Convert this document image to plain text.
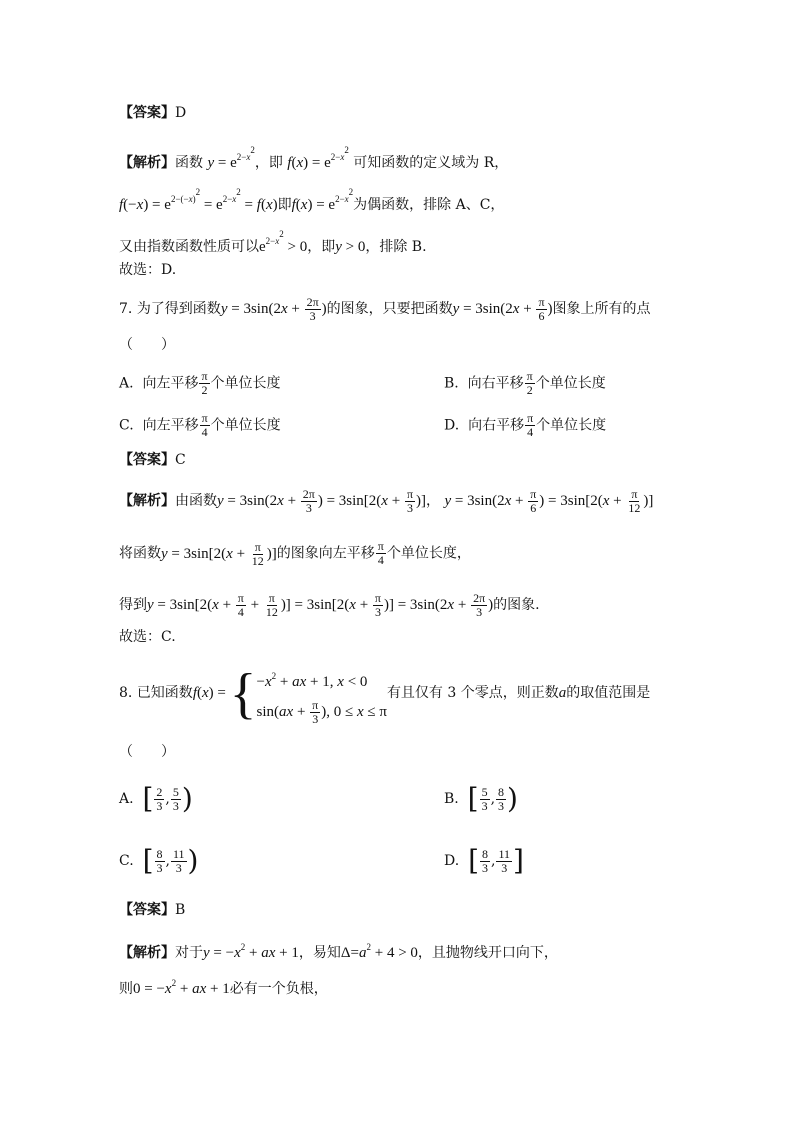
【答案】D
【解析】函数 $y = e^{2-x^2}$，即 $f(x) = e^{2-x^2}$ 可知函数的定义域为 R，
$f(-x) = e^{2-(-x)^2} = e^{2-x^2} = f(x)$即$f(x) = e^{2-x^2}$为偶函数，排除 A、C，
又由指数函数性质可以$e^{2-x^2} > 0$，即y > 0，排除 B.
故选：D.
7. 为了得到函数$y = 3\sin(2x + \frac{2\pi}{3}$ )的图象，只要把函数$y = 3\sin(2x + \frac{\pi}{6}$ )图象上所有的点
（　　）
A. 向左平移 $\frac{\pi}{2}$ 个单位长度	B. 向右平移 $\frac{\pi}{2}$ 个单位长度
C. 向左平移 $\frac{\pi}{4}$ 个单位长度	D. 向右平移 $\frac{\pi}{4}$ 个单位长度
【答案】C
【解析】由函数$y = 3\sin(2x + \frac{2\pi}{3}$ ) = $3\sin[2(x + \frac{\pi}{3}$ )]， $y = 3\sin(2x + \frac{\pi}{6}$ ) = $3\sin[2(x + \frac{\pi}{12}$ )]
将函数$y = 3\sin[2(x + \frac{\pi}{12}$ )]的图象向左平移 $\frac{\pi}{4}$ 个单位长度，
得到$y = 3\sin[2(x + \frac{\pi}{4} + \frac{\pi}{12}$ )] = $3\sin[2(x + \frac{\pi}{3}$ )] = $3\sin(2x + \frac{2\pi}{3}$ )的图象.
故选：C.
8. 已知函数$f(x) = \{-x^2$ + ax + 1, x < 0
$\sin(ax + \frac{\pi}{3}$ ), 0 ≤ x ≤ π有且仅有 3 个零点，则正数a的取值范围是
（　　）
A. [ $\frac{2}{3}$ , $\frac{5}{3}$ )	B. [ $\frac{5}{3}$ , $\frac{8}{3}$ )
C. [ $\frac{8}{3}$ , $\frac{11}{3}$ )	D. [ $\frac{8}{3}$ , $\frac{11}{3}$ ]
【答案】B
【解析】对于$y = -x^2$ + ax + 1，易知$\Delta=a^2 + 4 > 0$，且抛物线开口向下，
则$0 = -x^2$ + ax + 1必有一个负根，
